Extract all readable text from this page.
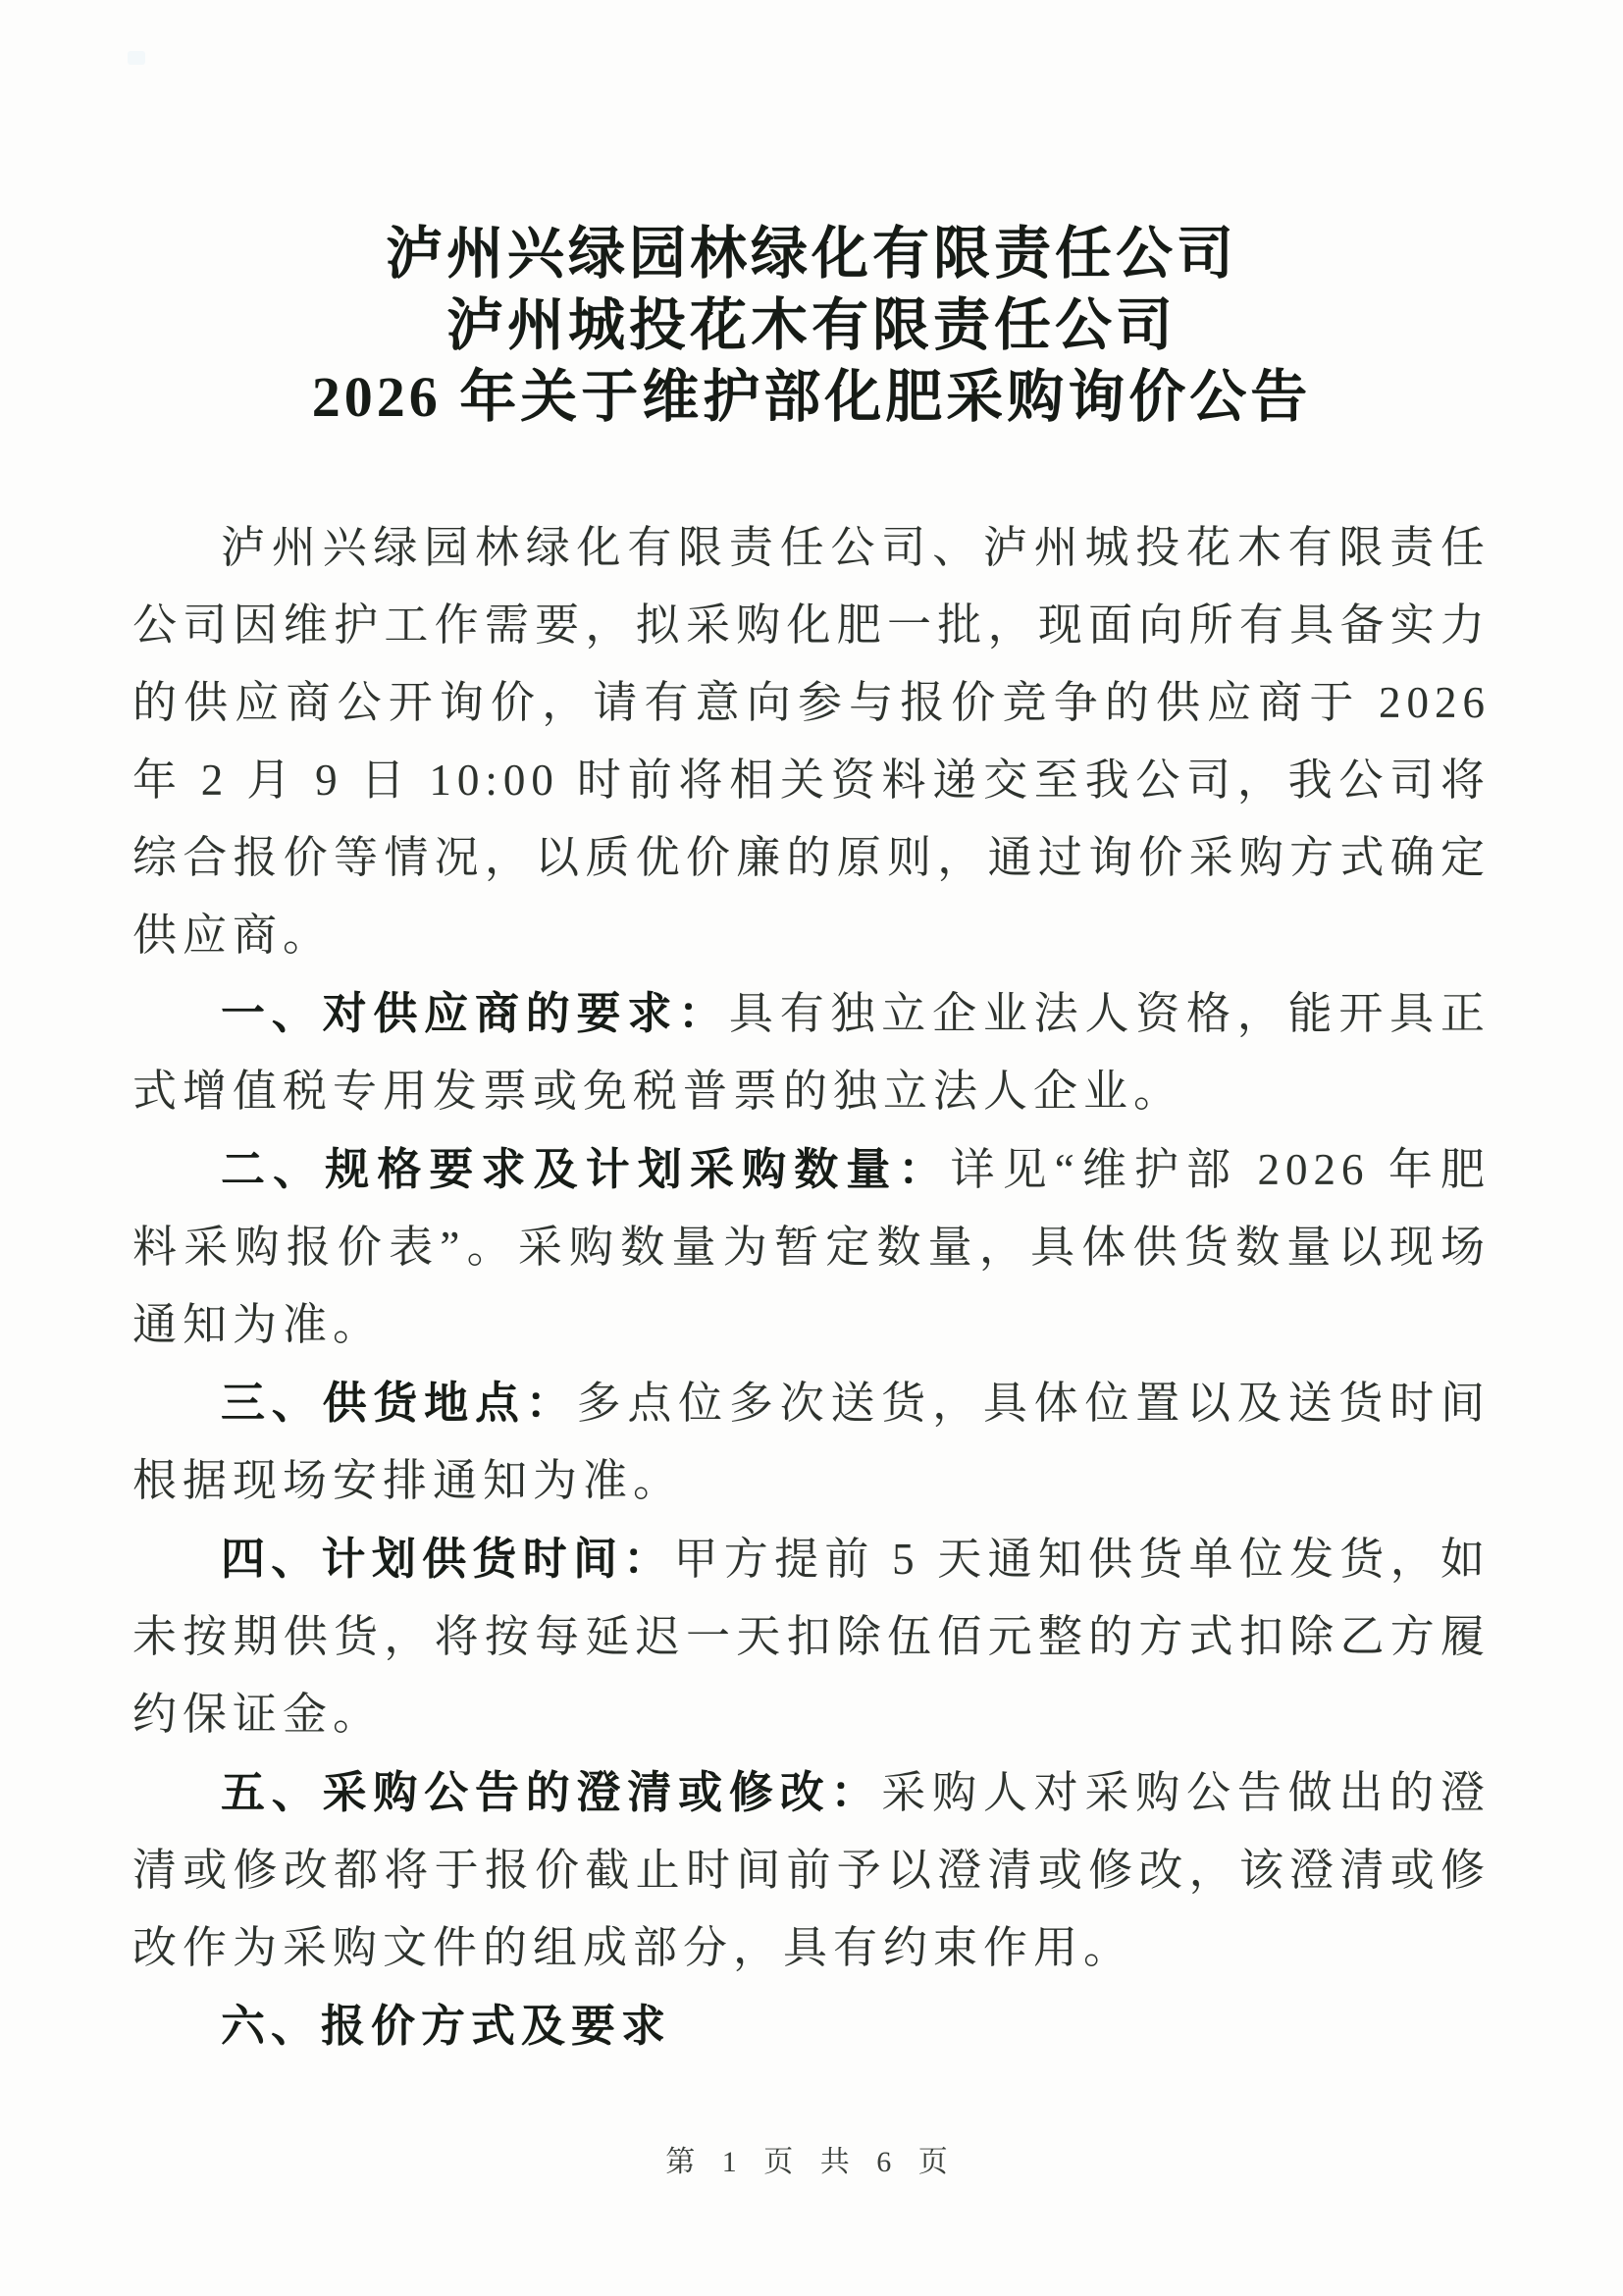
泸州兴绿园林绿化有限责任公司
泸州城投花木有限责任公司
2026 年关于维护部化肥采购询价公告

泸州兴绿园林绿化有限责任公司、泸州城投花木有限责任公司因维护工作需要，拟采购化肥一批，现面向所有具备实力的供应商公开询价，请有意向参与报价竞争的供应商于 2026 年 2 月 9 日 10:00 时前将相关资料递交至我公司，我公司将综合报价等情况，以质优价廉的原则，通过询价采购方式确定供应商。

一、对供应商的要求：具有独立企业法人资格，能开具正式增值税专用发票或免税普票的独立法人企业。

二、规格要求及计划采购数量：详见“维护部 2026 年肥料采购报价表”。采购数量为暂定数量，具体供货数量以现场通知为准。

三、供货地点：多点位多次送货，具体位置以及送货时间根据现场安排通知为准。

四、计划供货时间：甲方提前 5 天通知供货单位发货，如未按期供货，将按每延迟一天扣除伍佰元整的方式扣除乙方履约保证金。

五、采购公告的澄清或修改：采购人对采购公告做出的澄清或修改都将于报价截止时间前予以澄清或修改，该澄清或修改作为采购文件的组成部分，具有约束作用。

六、报价方式及要求

第 1 页 共 6 页
